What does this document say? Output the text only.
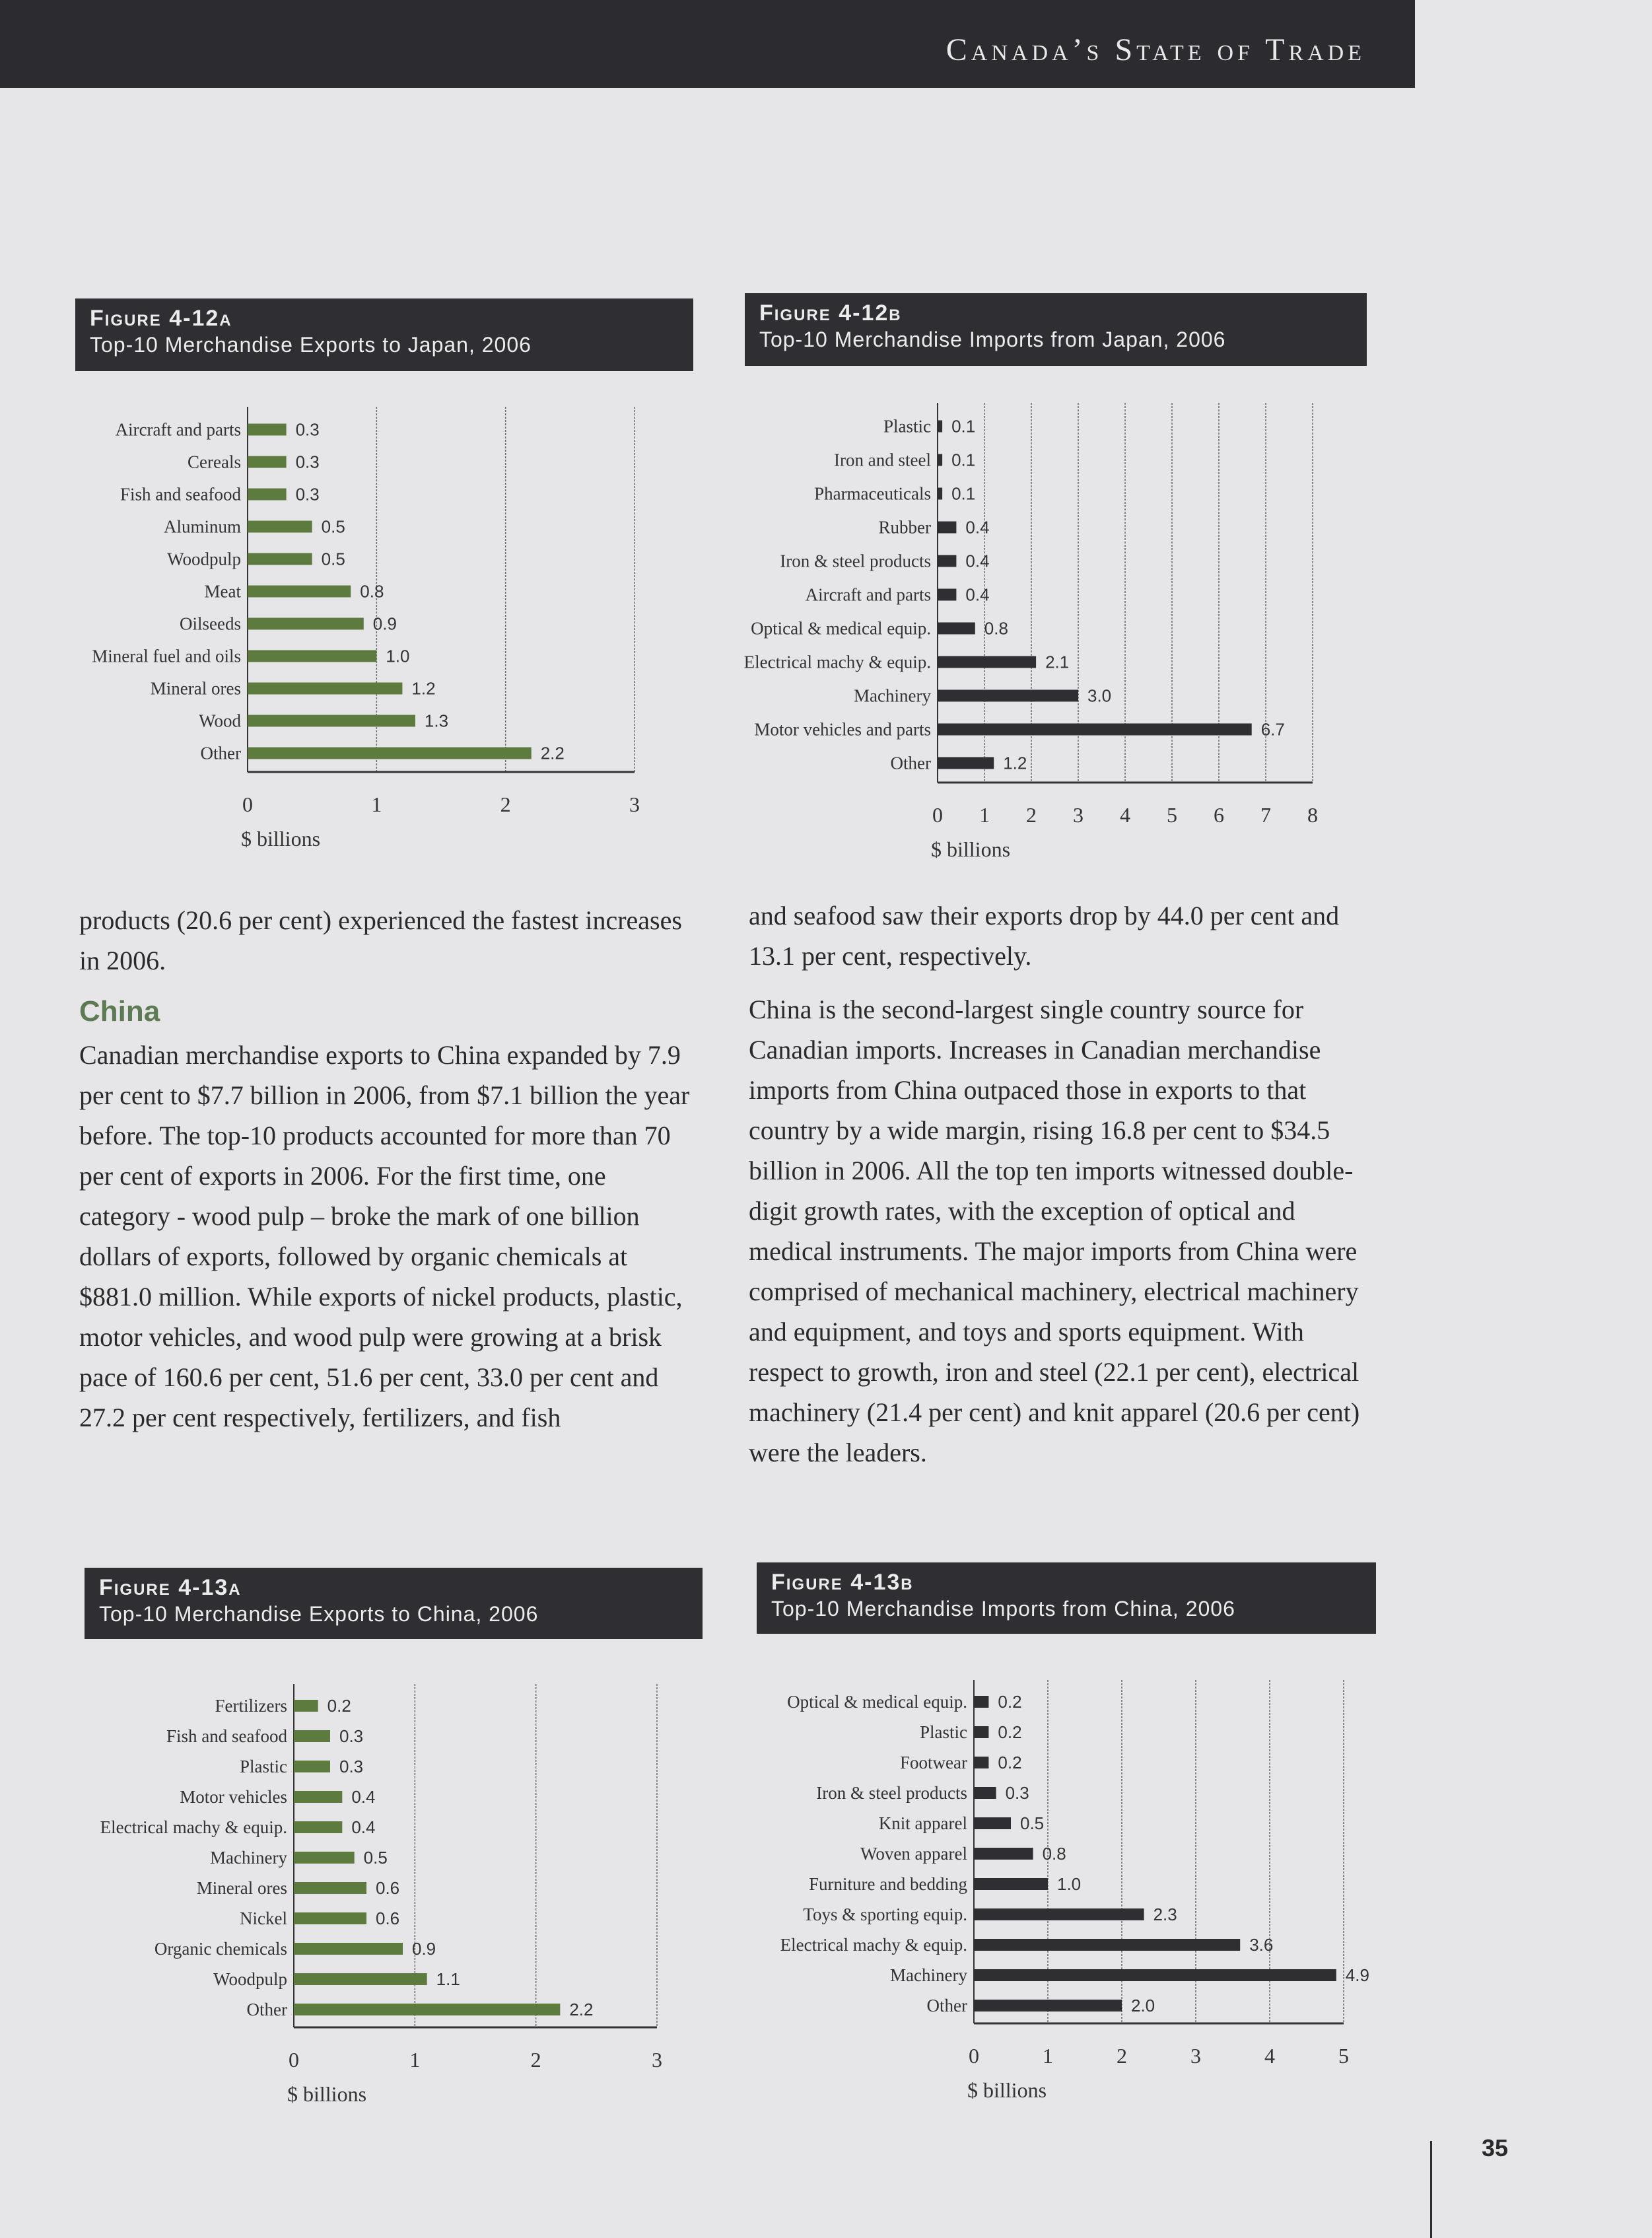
Canada’s State of Trade
Figure 4-12a
Top-10 Merchandise Exports to Japan, 2006
Figure 4-12b
Top-10 Merchandise Imports from Japan, 2006
Figure 4-13a
Top-10 Merchandise Exports to China, 2006
Figure 4-13b
Top-10 Merchandise Imports from China, 2006
0	1	2	3
Aircraft and parts	0.3
Cereals	0.3
Fish and seafood	0.3
Aluminum	0.5
Woodpulp	0.5
Meat	0.8
Oilseeds	0.9
Mineral fuel and oils	1.0
Mineral ores	1.2
Wood	1.3
Other	2.2
$ billions
0 1 2 3 4 5 6 7 8
Plastic 0.1
Iron and steel 0.1
Pharmaceuticals 0.1
Rubber 0.4
Iron & steel products 0.4
Aircraft and parts 0.4
Optical & medical equip.	0.8
Electrical machy & equip.	2.1
Machinery	3.0
Motor vehicles and parts	6.7
Other	1.2
$ billions
0	1	2	3
Fertilizers 0.2
Fish and seafood	0.3
Plastic	0.3
Motor vehicles	0.4
Electrical machy & equip.	0.4
Machinery	0.5
Mineral ores	0.6
Nickel	0.6
Organic chemicals	0.9
Woodpulp	1.1
Other	2.2
$ billions
0	1	2	3	4	5
Optical & medical equip. 0.2
Plastic 0.2
Footwear 0.2
Iron & steel products 0.3
Knit apparel	0.5
Woven apparel	0.8
Furniture and bedding	1.0
Toys & sporting equip.	2.3
Electrical machy & equip.	3.6
Machinery	4.9
Other	2.0
$ billions

products (20.6 per cent) experienced the fastest increases in 2006.

China

Canadian merchandise exports to China expanded by 7.9 per cent to $7.7 billion in 2006, from $7.1 billion the year before. The top-10 products accounted for more than 70 per cent of exports in 2006. For the first time, one category - wood pulp – broke the mark of one billion dollars of exports, followed by organic chemicals at $881.0 million. While exports of nickel products, plastic, motor vehicles, and wood pulp were growing at a brisk pace of 160.6 per cent, 51.6 per cent, 33.0 per cent and 27.2 per cent respectively, fertilizers, and fish

and seafood saw their exports drop by 44.0 per cent and 13.1 per cent, respectively.

China is the second-largest single country source for Canadian imports. Increases in Canadian merchandise imports from China outpaced those in exports to that country by a wide margin, rising 16.8 per cent to $34.5 billion in 2006. All the top ten imports witnessed double-digit growth rates, with the exception of optical and medical instruments. The major imports from China were comprised of mechanical machinery, electrical machinery and equipment, and toys and sports equipment. With respect to growth, iron and steel (22.1 per cent), electrical machinery (21.4 per cent) and knit apparel (20.6 per cent) were the leaders.

35
